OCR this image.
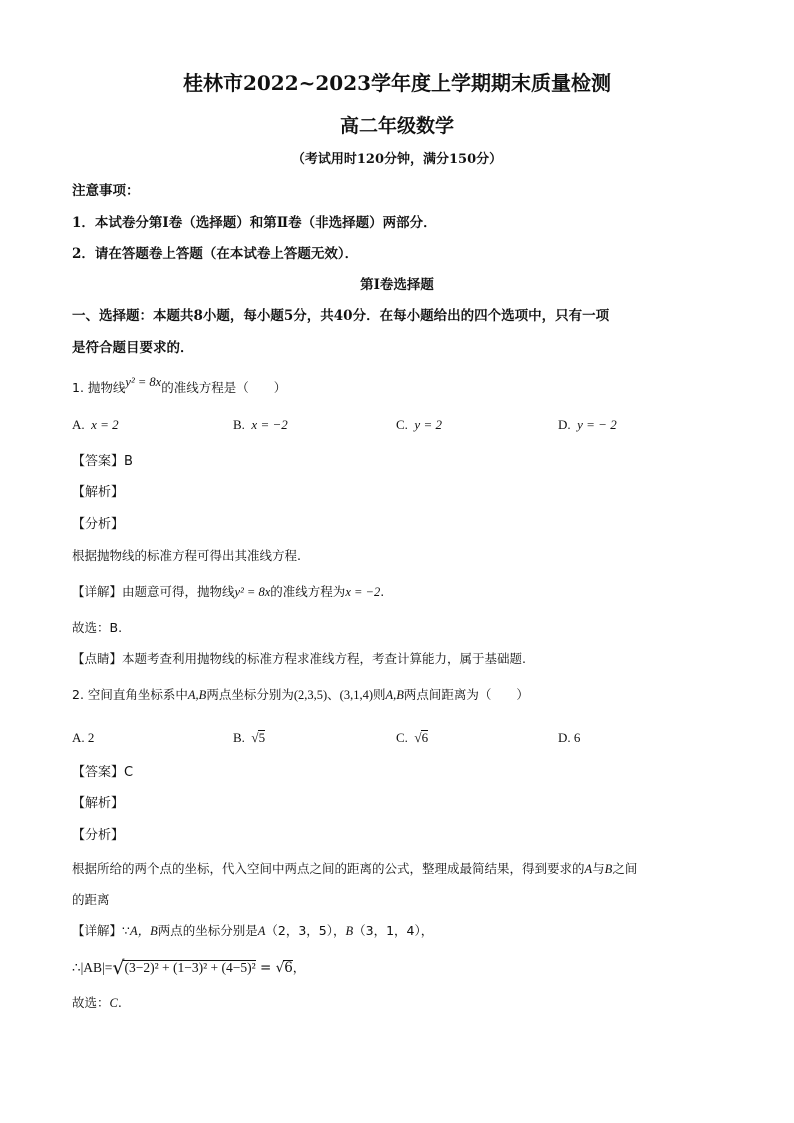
桂林市2022~2023学年度上学期期末质量检测
高二年级数学
（考试用时120分钟，满分150分）
注意事项：
1．本试卷分第Ⅰ卷（选择题）和第Ⅱ卷（非选择题）两部分．
2．请在答题卷上答题（在本试卷上答题无效）．
第Ⅰ卷选择题
一、选择题：本题共8小题，每小题5分，共40分．在每小题给出的四个选项中，只有一项
是符合题目要求的．
1. 抛物线y² = 8x的准线方程是（　　）
A. x = 2	B. x = −2	C. y = 2	D. y = − 2
【答案】B
【解析】
【分析】
根据抛物线的标准方程可得出其准线方程.
【详解】由题意可得，抛物线y² = 8x的准线方程为x = −2.
故选：B.
【点睛】本题考查利用抛物线的标准方程求准线方程，考查计算能力，属于基础题.
2. 空间直角坐标系中A,B两点坐标分别为(2,3,5)、(3,1,4)则A,B两点间距离为（　　）
A. 2	B.  √5	C.  √6	D. 6
【答案】C
【解析】
【分析】
根据所给的两个点的坐标，代入空间中两点之间的距离的公式，整理成最简结果，得到要求的A与B之间
的距离
【详解】∵A，B两点的坐标分别是A（2，3，5），B（3，1，4），
∴|AB|=√(3−2)² + (1−3)² + (4−5)² = √6，
故选：C.
